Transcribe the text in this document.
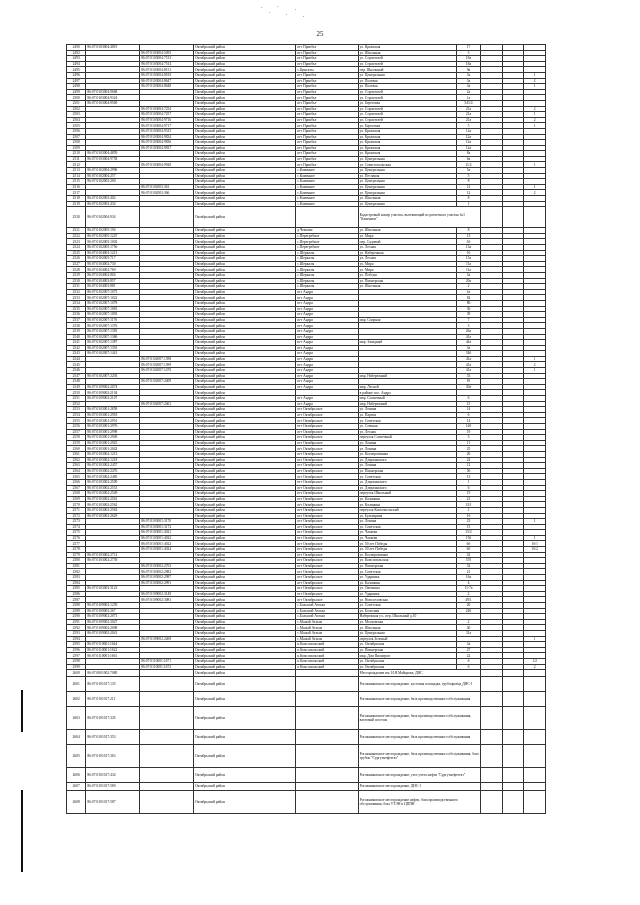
25
2490	86:07:0103004:4819		Октябрьский район	пгт Приобье	ул. Крымская	17			
2492		86:07:0103004:5493	Октябрьский район	пгт Приобье	ул. Школьная	3			
2493		86:07:0103004:7513	Октябрьский район	пгт Приобье	ул. Строителей	18а			
2494		86:07:0103004:7514	Октябрьский район	пгт Приобье	ул. Строителей	18а			
2495		86:07:0103004:8151	Октябрьский район	с.Цингалы	пер. Школьный	9в			
2496		86:07:0103004:8183	Октябрьский район	пгт Приобье	ул. Центральная	3а			1
2497		86:07:0103004:8647	Октябрьский район	пгт Приобье	ул. Полевая	3а			2
2498		86:07:0103004:8648	Октябрьский район	пгт Приобье	ул. Полевая	3а			1
2499	86:07:0103004:9668		Октябрьский район	пгт Приобье	ул. Строителей	2а			
2500	86:07:0103004:9324		Октябрьский район	пгт Приобье	ул. Строителей	1а			
2501	86:07:0103004:9569		Октябрьский район	пгт Приобье	ул. Береговая	54/14			
2502		86:07:0103004:7254	Октябрьский район	пгт Приобье	ул. Строителей	21а			2
2503		86:07:0103004:7257	Октябрьский район	пгт Приобье	ул. Строителей	21а			1
2504		86:07:0103004:9716	Октябрьский район	пгт Приобье	ул. Строителей	21а			2
2505		86:07:0103004:9717	Октябрьский район	пгт Приобье	ул. Береговая	5			1
2506		86:07:0103004:9315	Октябрьский район	пгт Приобье	ул. Крымская	12а			
2507		86:07:0103004:9834	Октябрьский район	пгт Приобье	ул. Крымская	12а			
2508		86:07:0103004:9836	Октябрьский район	пгт Приобье	ул. Крымская	12а			
2509		86:07:0103004:9837	Октябрьский район	пгт Приобье	ул. Крымская	12а			
2510	86:07:0103004:4859		Октябрьский район	пгт Приобье	ул. Крымская	8а			
2511	86:07:0103004:9758		Октябрьский район	пгт Приобье	ул. Центральная	6а			
2512		86:07:0103004:9920	Октябрьский район	пгт Приобье	ул. Севастопольская	11/2			1
2513	86:07:0102004:2996		Октябрьский район	с.Каменное	ул. Центральная	5а			
2514	86:07:0102004:257		Октябрьский район	с.Каменное	ул. Песчаная	5			
2515	86:07:0102003:200		Октябрьский район	с.Каменное	ул. Центральная	8			
2516		86:07:0102003:361	Октябрьский район	с.Каменное	ул. Центральная	12			1
2517		86:07:0102003:366	Октябрьский район	с.Каменное	ул. Центральная	12			2
2518	86:07:0102003:402		Октябрьский район	с.Каменное	ул. Школьная	8			
2519	86:07:0102003:434		Октябрьский район	с.Каменное	ул. Центральная	1			
2520	86:07:0102004:934		Октябрьский район		Кадастровый номер участка, вытекающий из расчетного участка №1 "Каменное"				
2521	86:07:0102005:194		Октябрьский район	д.Чемаши	ул. Школьная	8			
2522	86:07:0102005:1247		Октябрьский район	с.Перегребное	ул. Мира	13			
2523	86:07:0102005:1002		Октябрьский район	с.Перегребное	пер. Садовый	3б			
2524	86:07:0102005:1756		Октябрьский район	с.Перегребное	ул. Лесная	13а			
2525	86:07:0104003:1213		Октябрьский район	с.Шеркалы	ул. Набережная	16			
2526	86:07:0102005:717		Октябрьский район	с.Шеркалы	ул. Лесная	13а			
2527	86:07:0104002:730		Октябрьский район	с.Шеркалы	ул. Мира	11а			
2528	86:07:0104002:769		Октябрьский район	с.Шеркалы	ул. Мира	11а			
2529	86:07:0104002:804		Октябрьский район	с.Шеркалы	ул. Победы	3а			
2530	86:07:0104003:857		Октябрьский район	с.Шеркалы	ул. Пионерская	20а			
2531	86:07:0104003:881		Октябрьский район	с.Шеркалы	ул. Школьная	2			
2532	86:07:0102007:1073		Октябрьский район	пгт Андра		1в			
2533	86:07:0102007:1022		Октябрьский район	пгт Андра		82			
2534	86:07:0102007:1078		Октябрьский район	пгт Андра		86			
2535	86:07:0102007:1081		Октябрьский район	пгт Андра		36			
2536	86:07:0102007:1093		Октябрьский район	пгт Андра		39			
2537	86:07:0102007:1176		Октябрьский район	пгт Андра	мкр. Спорная	7			
2538	86:07:0102007:1376		Октябрьский район	пгт Андра		3			
2539	86:07:0102007:1383		Октябрьский район	пгт Андра		26а			
2540	86:07:0102007:1386		Октябрьский район	пгт Андра		41а			
2541	86:07:0102007:1387		Октябрьский район	пгт Андра	мкр. Западный	44а			
2542	86:07:0102007:1391		Октябрьский район	пгт Андра		3а			
2543	86:07:0102007:1441		Октябрьский район	пгт Андра		34б			
2544		86:07:0102007:1398	Октябрьский район	пгт Андра		41а			1
2545		86:07:0102007:1399	Октябрьский район	пгт Андра		41а			2
2546		86:07:0102007:1470	Октябрьский район	пгт Андра		41а			1
2547	86:07:0102007:2203		Октябрьский район	пгт Андра	мкр. Набережный	33			
2548		86:07:0102007:2409	Октябрьский район	пгт Андра		81			
2549	86:07:0109002:2074		Октябрьский район	пгт Андра	мкр. Лесной	30а			
2550	86:07:0109002:2104		Октябрьский район		в районе пос. Андра				
2551	86:07:0109002:2107		Октябрьский район	пгт Андра	мкр. Солнечный	6			
2552		86:07:0102007:2461	Октябрьский район	пгт Андра	мкр. Набережный	15			
2553	86:07:0103001:2858		Октябрьский район	пгт Октябрьское	ул. Ленина	14			
2554	86:07:0103001:2918		Октябрьский район	пгт Октябрьское	ул. Партия	6			
2555	86:07:0103001:2951		Октябрьский район	пгт Октябрьское	ул. Советская	14			
2556	86:07:0103001:2976		Октябрьский район	пгт Октябрьское	ул. Степная	14б			
2557	86:07:0103001:2998		Октябрьский район	пгт Октябрьское	ул. Лесная	19			
2558	86:07:0103001:2949		Октябрьский район	пгт Октябрьское	переулок Солнечный	3			
2559	86:07:0103001:2925		Октябрьский район	пгт Октябрьское	ул. Ленина	11			
2560	86:07:0103001:2042		Октябрьский район	пгт Октябрьское	ул. Ленина	25			
2561	86:07:0103002:1213		Октябрьский район	пгт Октябрьское	ул. Кооперативная	26			
2562	86:07:0103002:1218		Октябрьский район	пгт Октябрьское	ул. Дзержинского	22			
2563	86:07:0103002:2457		Октябрьский район	пгт Октябрьское	ул. Ленина	12			
2564	86:07:0103002:2476		Октябрьский район	пгт Октябрьское	ул. Пионерская	56			
2565	86:07:0103002:2485		Октябрьский район	пгт Октябрьское	ул. Советская	13			
2566	86:07:0103002:2509		Октябрьский район	пгт Октябрьское	ул. Дзержинского	1			
2567	86:07:0103002:2531		Октябрьский район	пгт Октябрьское	ул. Дзержинского	6			
2568	86:07:0103002:2549		Октябрьский район	пгт Октябрьское	переулок Школьный	15			
2569	86:07:0103002:2561		Октябрьский район	пгт Октябрьское	ул. Калинина	21			
2570	86:07:0103002:2562		Октябрьский район	пгт Октябрьское	ул. Калинина	13/1			
2571	86:07:0103002:2563		Октябрьский район	пгт Октябрьское	переулок Комсомольский	1			
2572	86:07:0103002:2629		Октябрьский район	пгт Октябрьское	ул. Бульварная	1б			
2573		86:07:0103001:3170	Октябрьский район	пгт Октябрьское	ул. Ленина	23			1
2574		86:07:0103001:3172	Октябрьский район	пгт Октябрьское	ул. Советская	15			
2575		86:07:0103001:4021	Октябрьский район	пгт Октябрьское	ул. Чапаева	15/2			
2576		86:07:0103001:4022	Октябрьский район	пгт Октябрьское	ул. Чапаева	15б			1
2577		86:07:0103001:4022	Октябрьский район	пгт Октябрьское	ул. 50 лет Победы	6б			1б/1
2578		86:07:0103001:4024	Октябрьский район	пгт Октябрьское	ул. 50 лет Победы	6б			1б/2
2579	86:07:0103002:2712		Октябрьский район	пгт Октябрьское	ул. Кооперативная	42			
2580	86:07:0103002:2739		Октябрьский район	пгт Октябрьское	ул. Комсомольская	37б			
2581		86:07:0103002:2763	Октябрьский район	пгт Октябрьское	ул. Пионерская	32			
2582		86:07:0103002:2982	Октябрьский район	пгт Октябрьское	ул. Советская	21			
2583		86:07:0103002:2987	Октябрьский район	пгт Октябрьское	ул. Ударника	16а			
2584		86:07:0103002:2991	Октябрьский район	пгт Октябрьское	ул. Калинина	4			
2585	86:07:0103003:3123		Октябрьский район	пгт Октябрьское	ул. Овечкина	11-7а			
2586		86:07:0109002:3149	Октябрьский район	пгт Октябрьское	ул. Ударника	2			
2587		86:07:0109002:3081	Октябрьский район	пгт Октябрьское	ул. Новоселовская	49/1			
2588	86:07:0109002:1259		Октябрьский район	с.Большой Атлым	ул. Советская	26			
2589	86:07:0109003:267		Октябрьский район	с.Большой Атлым	ул. Болотная	24б			
2590	86:07:0109002:2071		Октябрьский район	с.Большой Атлым	Набережная ул., пер. Школьный д.10				
2591	86:07:0109002:3027		Октябрьский район	с.Малый Атлым	ул. Московская	2			
2592	86:07:0109002:2008		Октябрьский район	с.Малый Атлым	ул. Школьная	30			
2593	86:07:0109002:2041		Октябрьский район	с.Малый Атлым	ул. Центральная	31а			
2594		86:07:0109002:2469	Октябрьский район	с.Малый Атлым	переулок Зеленый				1
2595	86:07:0110001:1644		Октябрьский район	п.Комсомольский	ул. Октябрьская	3а			
2596	86:07:0110001:1622		Октябрьский район	п.Комсомольский	ул. Пионерская	27			
2597	86:07:0110001:1661		Октябрьский район	п.Комсомольский	мкр. Дом Пионеров	22			
2598		86:07:0110001:1671	Октябрьский район	п.Комсомольский	ул. Октябрьская	6			1/2
2599		86:07:0110001:1672	Октябрьский район	п.Комсомольский	ул. Октябрьская	6			2
2600	86:07:0001002:7080		Октябрьский район		Месторождение им. Н.Я.Майорова, ДНС				
2601	86:07:0101017:135		Октябрьский район		Рогожниковское месторождение, кустовая площадка, трубопровод ДНС-1				
2602	86:07:0101017:211		Октябрьский район		Рогожниковское месторождение, база производственного обслуживания				
2603	86:07:0101017:345		Октябрьский район		Рогожниковское месторождение, база производственного обслуживания, вахтовый поселок				
2604	86:07:0101017:353		Октябрьский район		Рогожниковское месторождение, база производственного обслуживания				
2605	86:07:0101017:363		Октябрьский район		Рогожниковское месторождение, база производственного обслуживания, база трубок "Сургутнефтегаз"				
2606	86:07:0101017:434		Октябрьский район		Рогожниковское месторождение, узел учета нефти "Сургутнефтегаз"				
2607	86:07:0101017:580		Октябрьский район		Рогожниковское месторождение, ДНС-1				
2608	86:07:0101017:587		Октябрьский район		Рогожниковское месторождение нефти, база производственного обслуживания, база УТЭН и ЦППН				
